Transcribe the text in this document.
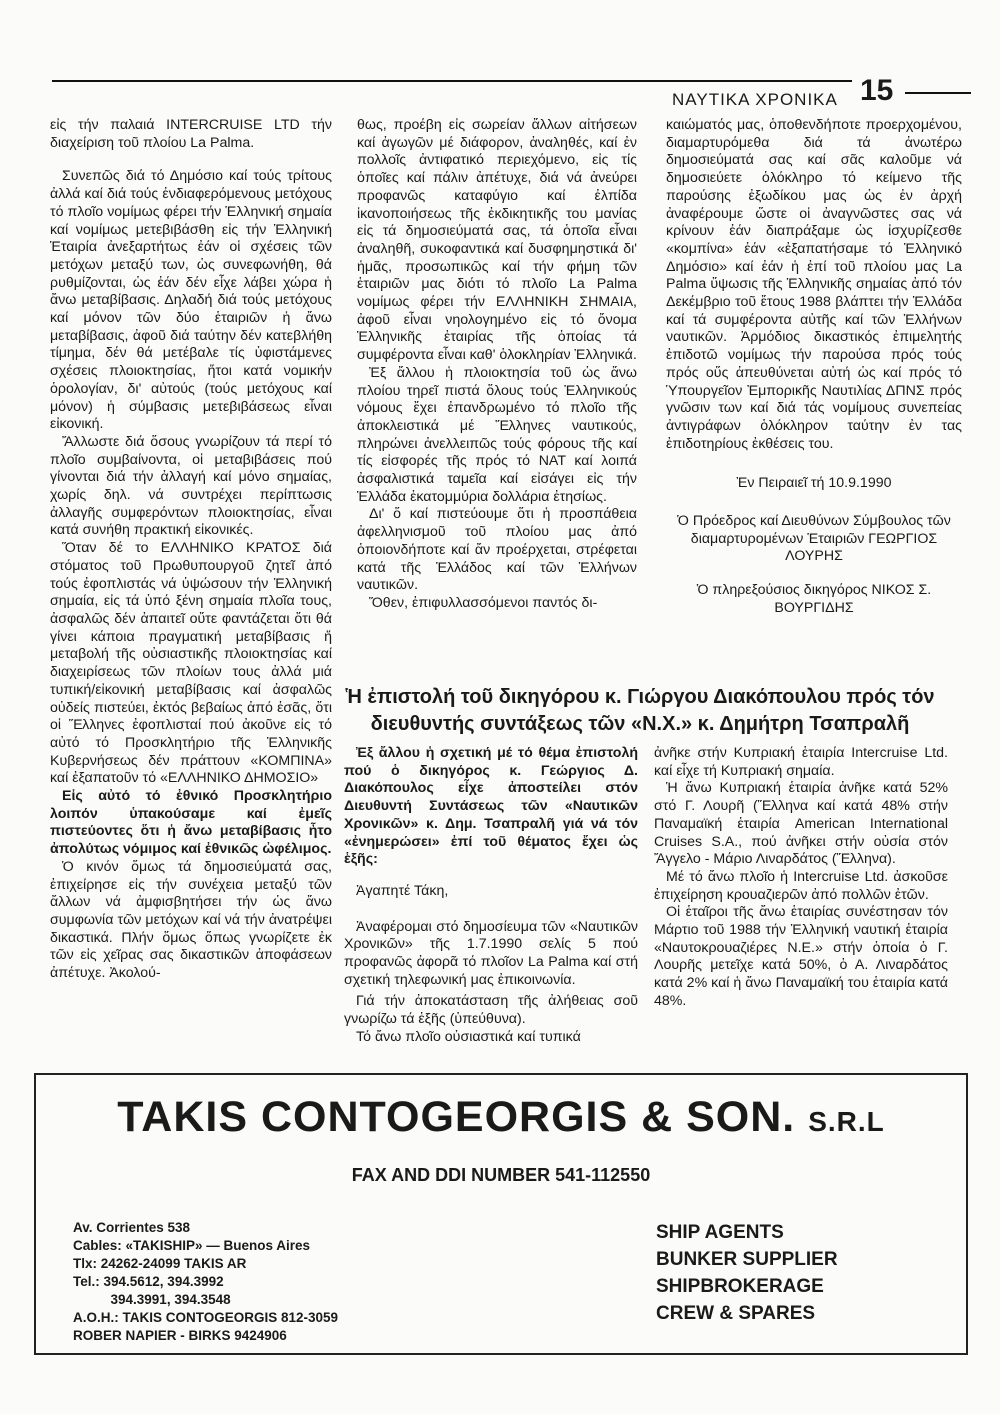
ΝΑΥΤΙΚΑ ΧΡΟΝΙΚΑ 15

εἰς τήν παλαιά INTERCRUISE LTD τήν διαχείριση τοῦ πλοίου La Palma.

Συνεπῶς διά τό Δημόσιο καί τούς τρίτους ἀλλά καί διά τούς ἐνδιαφερόμενους μετόχους τό πλοῖο νομίμως φέρει τήν Ἑλληνική σημαία καί νομίμως μετεβιβάσθη εἰς τήν Ἑλληνική Ἑταιρία ἀνεξαρτήτως ἐάν οἱ σχέσεις τῶν μετόχων μεταξύ των, ὡς συνεφωνήθη, θά ρυθμίζονται, ὡς ἐάν δέν εἶχε λάβει χώρα ἡ ἄνω μεταβίβασις. Δηλαδή διά τούς μετόχους καί μόνον τῶν δύο ἑταιριῶν ἡ ἄνω μεταβίβασις, ἀφοῦ διά ταύτην δέν κατεβλήθη τίμημα, δέν θά μετέβαλε τίς ὑφιστάμενες σχέσεις πλοιοκτησίας, ἤτοι κατά νομικήν ὁρολογίαν, δι' αὐτούς (τούς μετόχους καί μόνον) ἡ σύμβασις μετεβιβάσεως εἶναι εἰκονική.

Ἄλλωστε διά ὅσους γνωρίζουν τά περί τό πλοῖο συμβαίνοντα, οἱ μεταβιβάσεις πού γίνονται διά τήν ἀλλαγή καί μόνο σημαίας, χωρίς δηλ. νά συντρέχει περίπτωσις ἀλλαγῆς συμφερόντων πλοιοκτησίας, εἶναι κατά συνήθη πρακτική εἰκονικές.

Ὅταν δέ το ΕΛΛΗΝΙΚΟ ΚΡΑΤΟΣ διά στόματος τοῦ Πρωθυπουργοῦ ζητεῖ ἀπό τούς ἐφοπλιστάς νά ὑψώσουν τήν Ἑλληνική σημαία, εἰς τά ὑπό ξένη σημαία πλοῖα τους, ἀσφαλῶς δέν ἀπαιτεῖ οὔτε φαντάζεται ὅτι θά γίνει κάποια πραγματική μεταβίβασις ἤ μεταβολή τῆς οὐσιαστικῆς πλοιοκτησίας καί διαχειρίσεως τῶν πλοίων τους ἀλλά μιά τυπική/εἰκονική μεταβίβασις καί ἀσφαλῶς οὐδείς πιστεύει, ἐκτός βεβαίως ἀπό ἐσᾶς, ὅτι οἱ Ἕλληνες ἐφοπλισταί πού ἀκοῦνε εἰς τό αὐτό τό Προσκλητήριο τῆς Ἑλληνικῆς Κυβερνήσεως δέν πράττουν «ΚΟΜΠΙΝΑ» καί ἐξαπατοῦν τό «ΕΛΛΗΝΙΚΟ ΔΗΜΟΣΙΟ»

Εἰς αὐτό τό ἐθνικό Προσκλητήριο λοιπόν ὑπακούσαμε καί ἐμεῖς πιστεύοντες ὅτι ἡ ἄνω μεταβίβασις ἦτο ἀπολύτως νόμιμος καί ἐθνικῶς ὠφέλιμος.

Ὁ κινόν ὅμως τά δημοσιεύματά σας, ἐπιχείρησε εἰς τήν συνέχεια μεταξύ τῶν ἄλλων νά ἀμφισβητήσει τήν ὡς ἄνω συμφωνία τῶν μετόχων καί νά τήν ἀνατρέψει δικαστικά. Πλήν ὅμως ὅπως γνωρίζετε ἐκ τῶν εἰς χεῖρας σας δικαστικῶν ἀποφάσεων ἀπέτυχε. Ἀκολού-

θως, προέβη εἰς σωρείαν ἄλλων αἰτήσεων καί ἀγωγῶν μέ διάφορον, ἀναληθές, καί ἐν πολλοῖς ἀντιφατικό περιεχόμενο, εἰς τίς ὁποῖες καί πάλιν ἀπέτυχε, διά νά ἀνεύρει προφανῶς καταφύγιο καί ἐλπίδα ἱκανοποιήσεως τῆς ἐκδικητικῆς του μανίας εἰς τά δημοσιεύματά σας, τά ὁποῖα εἶναι ἀναληθῆ, συκοφαντικά καί δυσφημηστικά δι' ἡμᾶς, προσωπικῶς καί τήν φήμη τῶν ἑταιριῶν μας διότι τό πλοῖο La Palma νομίμως φέρει τήν ΕΛΛΗΝΙΚΗ ΣΗΜΑΙΑ, ἀφοῦ εἶναι νηολογημένο εἰς τό ὄνομα Ἑλληνικῆς ἑταιρίας τῆς ὁποίας τά συμφέροντα εἶναι καθ' ὁλοκληρίαν Ἑλληνικά.

Ἐξ ἄλλου ἡ πλοιοκτησία τοῦ ὡς ἄνω πλοίου τηρεῖ πιστά ὅλους τούς Ἑλληνικούς νόμους ἔχει ἐπανδρωμένο τό πλοῖο τῆς ἀποκλειστικά μέ Ἕλληνες ναυτικούς, πληρώνει ἀνελλειπῶς τούς φόρους τῆς καί τίς εἰσφορές τῆς πρός τό ΝΑΤ καί λοιπά ἀσφαλιστικά ταμεῖα καί εἰσάγει εἰς τήν Ἑλλάδα ἑκατομμύρια δολλάρια ἐτησίως.

Δι' ὅ καί πιστεύουμε ὅτι ἡ προσπάθεια ἀφελληνισμοῦ τοῦ πλοίου μας ἀπό ὁποιονδήποτε καί ἄν προέρχεται, στρέφεται κατά τῆς Ἑλλάδος καί τῶν Ἑλλήνων ναυτικῶν.

Ὅθεν, ἐπιφυλλασσόμενοι παντός δι-

καιώματός μας, ὁποθενδήποτε προερχομένου, διαμαρτυρόμεθα διά τά ἀνωτέρω δημοσιεύματά σας καί σᾶς καλοῦμε νά δημοσιεύετε ὁλόκληρο τό κείμενο τῆς παρούσης ἐξωδίκου μας ὡς ἐν ἀρχή ἀναφέρουμε ὥστε οἱ ἀναγνῶστες σας νά κρίνουν ἐάν διαπράξαμε ὡς ἰσχυρίζεσθε «κομπίνα» ἐάν «ἐξαπατήσαμε τό Ἑλληνικό Δημόσιο» καί ἐάν ἡ ἐπί τοῦ πλοίου μας La Palma ὕψωσις τῆς Ἑλληνικῆς σημαίας ἀπό τόν Δεκέμβριο τοῦ ἔτους 1988 βλάπτει τήν Ἑλλάδα καί τά συμφέροντα αὐτῆς καί τῶν Ἑλλήνων ναυτικῶν. Ἁρμόδιος δικαστικός ἐπιμελητής ἐπιδοτῶ νομίμως τήν παρούσα πρός τούς πρός οὕς ἀπευθύνεται αὐτή ὡς καί πρός τό Ὑπουργεῖον Ἐμπορικῆς Ναυτιλίας ΔΠΝΣ πρός γνῶσιν των καί διά τάς νομίμους συνεπείας ἀντιγράφων ὁλόκληρον ταύτην ἐν τας ἐπιδοτηρίους ἐκθέσεις του.

Ἐν Πειραιεῖ τή 10.9.1990

Ὁ Πρόεδρος καί Διευθύνων Σύμβουλος τῶν διαμαρτυρομένων Ἑταιριῶν ΓΕΩΡΓΙΟΣ ΛΟΥΡΗΣ

Ὁ πληρεξούσιος δικηγόρος ΝΙΚΟΣ Σ. ΒΟΥΡΓΙΔΗΣ

Ἡ ἐπιστολή τοῦ δικηγόρου κ. Γιώργου Διακόπουλου πρός τόν
διευθυντής συντάξεως τῶν «Ν.Χ.» κ. Δημήτρη Τσαπραλῆ

Ἐξ ἄλλου ἡ σχετική μέ τό θέμα ἐπιστολή πού ὁ δικηγόρος κ. Γεώργιος Δ. Διακόπουλος εἶχε ἀποστείλει στόν Διευθυντή Συντάσεως τῶν «Ναυτικῶν Χρονικῶν» κ. Δημ. Τσαπραλῆ γιά νά τόν «ἐνημερώσει» ἐπί τοῦ θέματος ἔχει ὡς ἑξῆς:

Ἀγαπητέ Τάκη,

Ἀναφέρομαι στό δημοσίευμα τῶν «Ναυτικῶν Χρονικῶν» τῆς 1.7.1990 σελίς 5 πού προφανῶς ἀφορᾶ τό πλοῖον La Palma καί στή σχετική τηλεφωνική μας ἐπικοινωνία.

Γιά τήν ἀποκατάσταση τῆς ἀλήθειας σοῦ γνωρίζω τά ἑξῆς (ὑπεύθυνα).

Τό ἄνω πλοῖο οὐσιαστικά καί τυπικά

ἀνῆκε στήν Κυπριακή ἑταιρία Intercruise Ltd. καί εἶχε τή Κυπριακή σημαία.

Ἡ ἄνω Κυπριακή ἑταιρία ἀνῆκε κατά 52% στό Γ. Λουρῆ (Ἕλληνα καί κατά 48% στήν Παναμαϊκή ἑταιρία American International Cruises S.A., πού ἀνῆκει στήν οὐσία στόν Ἄγγελο - Μάριο Λιναρδάτος (Ἕλληνα).

Μέ τό ἄνω πλοῖο ἡ Intercruise Ltd. ἀσκοῦσε ἐπιχείρηση κρουαζιερῶν ἀπό πολλῶν ἐτῶν.

Οἱ ἑταῖροι τῆς ἄνω ἑταιρίας συνέστησαν τόν Μάρτιο τοῦ 1988 τήν Ἑλληνική ναυτική ἑταιρία «Ναυτοκρουαζιέρες Ν.Ε.» στήν ὁποία ὁ Γ. Λουρῆς μετεῖχε κατά 50%, ὁ Α. Λιναρδάτος κατά 2% καί ἡ ἄνω Παναμαϊκή του ἑταιρία κατά 48%.

TAKIS CONTOGEORGIS & SON. S.R.L
FAX AND DDI NUMBER 541-112550
Av. Corrientes 538
Cables: «TAKISHIP» — Buenos Aires
Tlx: 24262-24099 TAKIS AR
Tel.: 394.5612, 394.3992
394.3991, 394.3548
A.O.H.: TAKIS CONTOGEORGIS 812-3059
ROBER NAPIER - BIRKS 9424906
SHIP AGENTS
BUNKER SUPPLIER
SHIPBROKERAGE
CREW & SPARES
